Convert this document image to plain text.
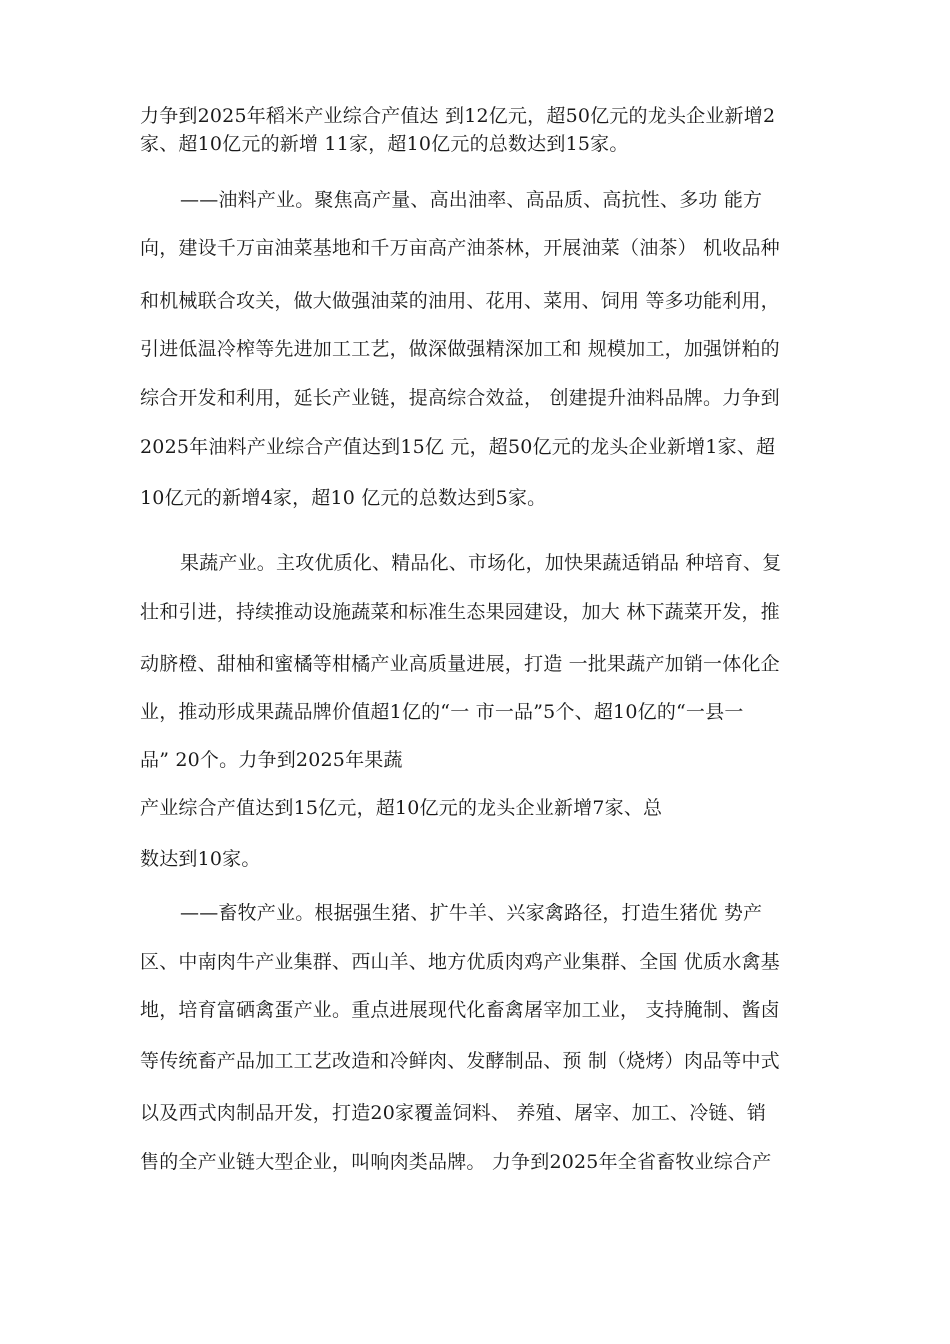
力争到2025年稻米产业综合产值达 到12亿元，超50亿元的龙头企业新增2
家、超10亿元的新增 11家，超10亿元的总数达到15家。
——油料产业。聚焦高产量、高出油率、高品质、高抗性、多功 能方
向，建设千万亩油菜基地和千万亩高产油茶林，开展油菜（油茶） 机收品种
和机械联合攻关，做大做强油菜的油用、花用、菜用、饲用 等多功能利用，
引进低温冷榨等先进加工工艺，做深做强精深加工和 规模加工，加强饼粕的
综合开发和利用，延长产业链，提高综合效益， 创建提升油料品牌。力争到
2025年油料产业综合产值达到15亿 元，超50亿元的龙头企业新增1家、超
10亿元的新增4家，超10 亿元的总数达到5家。
果蔬产业。主攻优质化、精品化、市场化，加快果蔬适销品 种培育、复
壮和引进，持续推动设施蔬菜和标准生态果园建设，加大 林下蔬菜开发，推
动脐橙、甜柚和蜜橘等柑橘产业高质量进展，打造 一批果蔬产加销一体化企
业，推动形成果蔬品牌价值超1亿的“一 市一品”5个、超10亿的“一县一
品” 20个。力争到2025年果蔬
产业综合产值达到15亿元，超10亿元的龙头企业新增7家、总
数达到10家。
——畜牧产业。根据强生猪、扩牛羊、兴家禽路径，打造生猪优 势产
区、中南肉牛产业集群、西山羊、地方优质肉鸡产业集群、全国 优质水禽基
地，培育富硒禽蛋产业。重点进展现代化畜禽屠宰加工业， 支持腌制、酱卤
等传统畜产品加工工艺改造和冷鲜肉、发酵制品、预 制（烧烤）肉品等中式
以及西式肉制品开发，打造20家覆盖饲料、 养殖、屠宰、加工、冷链、销
售的全产业链大型企业，叫响肉类品牌。 力争到2025年全省畜牧业综合产
